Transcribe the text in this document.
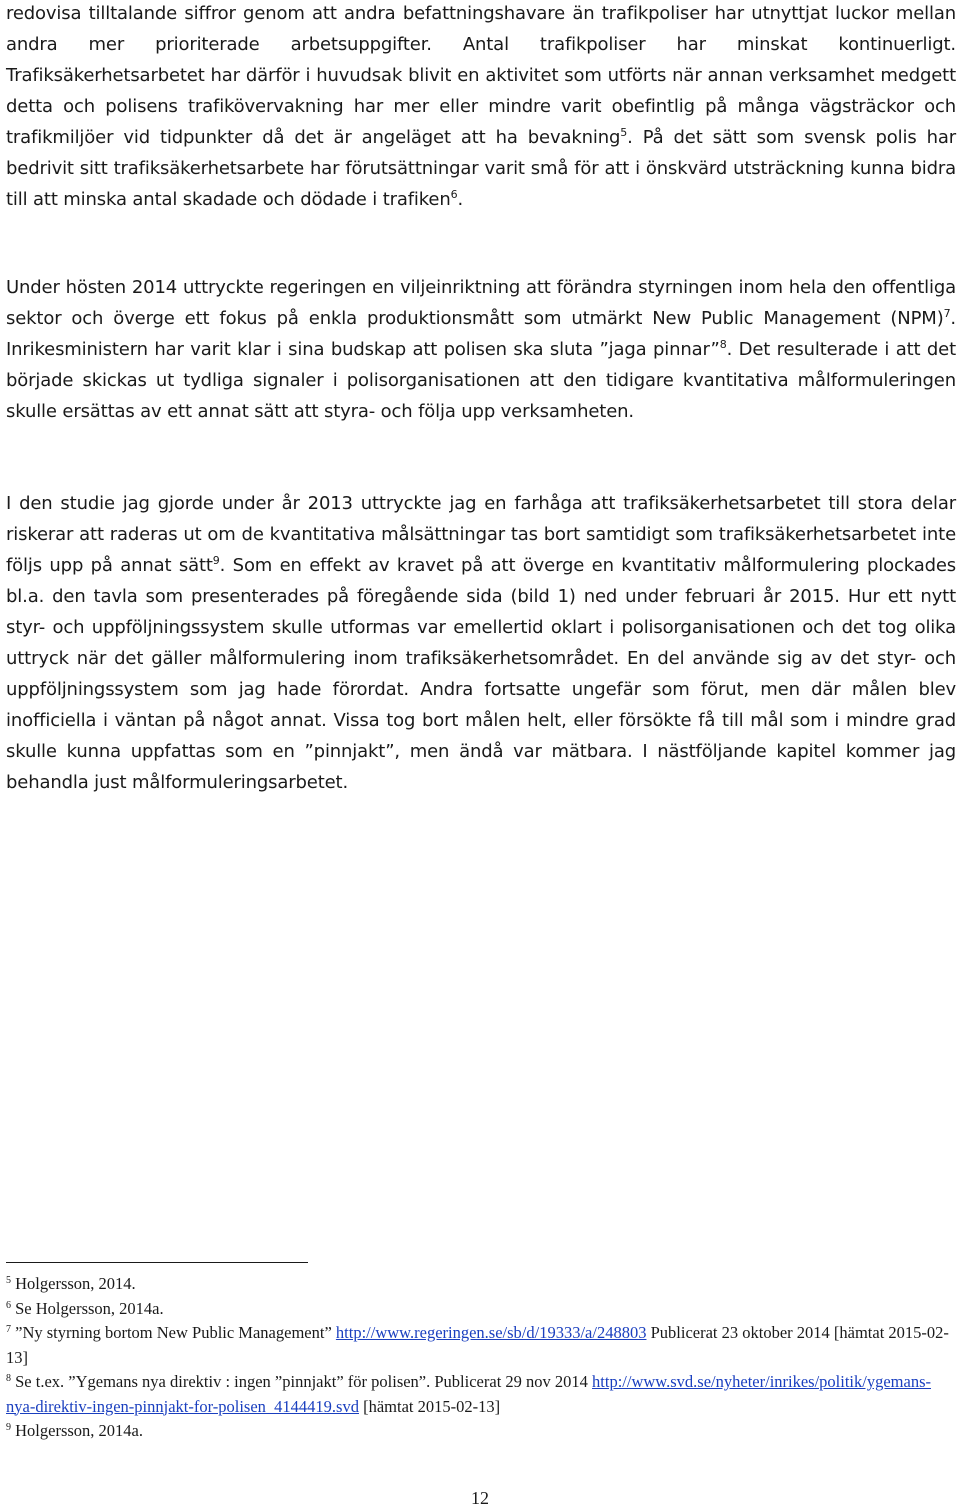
redovisa tilltalande siffror genom att andra befattningshavare än trafikpoliser har utnyttjat luckor mellan andra mer prioriterade arbetsuppgifter. Antal trafikpoliser har minskat kontinuerligt. Trafiksäkerhetsarbetet har därför i huvudsak blivit en aktivitet som utförts när annan verksamhet medgett detta och polisens trafikövervakning har mer eller mindre varit obefintlig på många vägsträckor och trafikmiljöer vid tidpunkter då det är angeläget att ha bevakning$^5$. På det sätt som svensk polis har bedrivit sitt trafiksäkerhetsarbete har förutsättningar varit små för att i önskvärd utsträckning kunna bidra till att minska antal skadade och dödade i trafiken$^6$.

Under hösten 2014 uttryckte regeringen en viljeinriktning att förändra styrningen inom hela den offentliga sektor och överge ett fokus på enkla produktionsmått som utmärkt New Public Management (NPM)$^7$. Inrikesministern har varit klar i sina budskap att polisen ska sluta ”jaga pinnar”$^8$. Det resulterade i att det började skickas ut tydliga signaler i polisorganisationen att den tidigare kvantitativa målformuleringen skulle ersättas av ett annat sätt att styra- och följa upp verksamheten.

I den studie jag gjorde under år 2013 uttryckte jag en farhåga att trafiksäkerhetsarbetet till stora delar riskerar att raderas ut om de kvantitativa målsättningar tas bort samtidigt som trafiksäkerhetsarbetet inte följs upp på annat sätt$^9$. Som en effekt av kravet på att överge en kvantitativ målformulering plockades bl.a. den tavla som presenterades på föregående sida (bild 1) ned under februari år 2015. Hur ett nytt styr- och uppföljningssystem skulle utformas var emellertid oklart i polisorganisationen och det tog olika uttryck när det gäller målformulering inom trafiksäkerhetsområdet. En del använde sig av det styr- och uppföljningssystem som jag hade förordat. Andra fortsatte ungefär som förut, men där målen blev inofficiella i väntan på något annat. Vissa tog bort målen helt, eller försökte få till mål som i mindre grad skulle kunna uppfattas som en ”pinnjakt”, men ändå var mätbara. I nästföljande kapitel kommer jag behandla just målformuleringsarbetet.

$^5$ Holgersson, 2014.

$^6$ Se Holgersson, 2014a.

$^7$ ”Ny styrning bortom New Public Management” http://www.regeringen.se/sb/d/19333/a/248803 Publicerat 23 oktober 2014 [hämtat 2015-02-13]

$^8$ Se t.ex. ”Ygemans nya direktiv : ingen ”pinnjakt” för polisen”. Publicerat 29 nov 2014 http://www.svd.se/nyheter/inrikes/politik/ygemans-nya-direktiv-ingen-pinnjakt-for-polisen_4144419.svd [hämtat 2015-02-13]

$^9$ Holgersson, 2014a.

12
